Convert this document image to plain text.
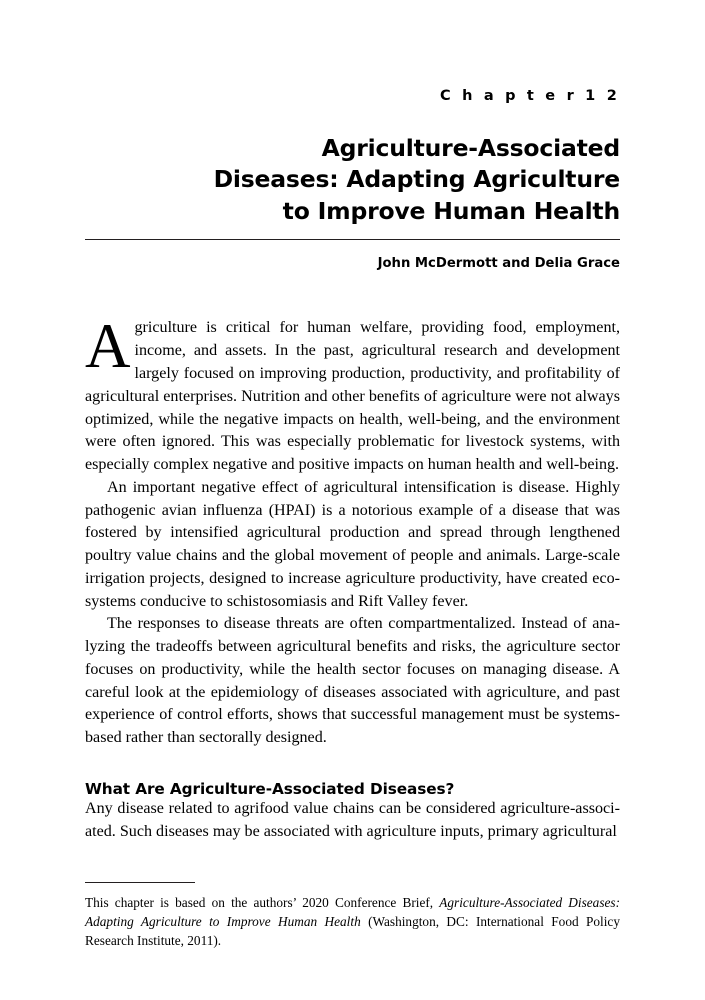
C h a p t e r 1 2
Agriculture-Associated
Diseases: Adapting Agriculture
to Improve Human Health
John McDermott and Delia Grace

Agriculture is critical for human welfare, providing food, employment, income, and assets. In the past, agricultural research and development largely focused on improving production, productivity, and profitability of agricultural enterprises. Nutrition and other benefits of agriculture were not always optimized, while the negative impacts on health, well-being, and the environment were often ignored. This was especially problematic for livestock systems, with especially complex negative and positive impacts on human health and well-being.

An important negative effect of agricultural intensification is disease. Highly pathogenic avian influenza (HPAI) is a notorious example of a disease that was fostered by intensified agricultural production and spread through lengthened poultry value chains and the global movement of people and animals. Large-scale irrigation projects, designed to increase agriculture productivity, have created eco-systems conducive to schistosomiasis and Rift Valley fever.

The responses to disease threats are often compartmentalized. Instead of ana-lyzing the tradeoffs between agricultural benefits and risks, the agriculture sector focuses on productivity, while the health sector focuses on managing disease. A careful look at the epidemiology of diseases associated with agriculture, and past experience of control efforts, shows that successful management must be systems-based rather than sectorally designed.

What Are Agriculture-Associated Diseases?

Any disease related to agrifood value chains can be considered agriculture-associ-ated. Such diseases may be associated with agriculture inputs, primary agricultural

This chapter is based on the authors’ 2020 Conference Brief, Agriculture-Associated Diseases: Adapting Agriculture to Improve Human Health (Washington, DC: International Food Policy Research Institute, 2011).
